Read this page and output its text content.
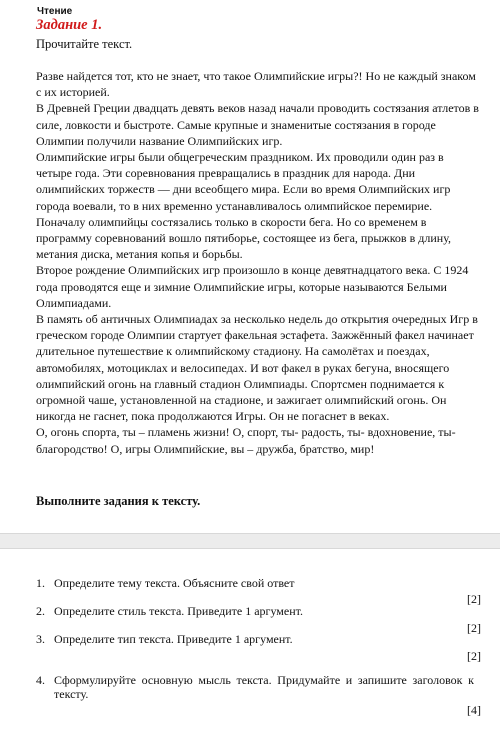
Чтение
Задание 1.
Прочитайте текст.

Разве найдется тот, кто не знает, что такое Олимпийские игры?! Но не каждый знаком с их историей.

В Древней Греции двадцать девять веков назад начали проводить состязания атлетов в силе, ловкости и быстроте. Самые крупные и знаменитые состязания в городе Олимпии получили название Олимпийских игр.

Олимпийские игры были общегреческим праздником. Их проводили один раз в четыре года. Эти соревнования превращались в праздник для народа. Дни олимпийских торжеств — дни всеобщего мира. Если во время Олимпийских игр города воевали, то в них временно устанавливалось олимпийское перемирие. Поначалу олимпийцы состязались только в скорости бега. Но со временем в программу соревнований вошло пятиборье, состоящее из бега, прыжков в длину, метания диска, метания копья и борьбы.

Второе рождение Олимпийских игр произошло в конце девятнадцатого века. С 1924 года проводятся еще и зимние Олимпийские игры, которые называются Белыми Олимпиадами.

В память об античных Олимпиадах за несколько недель до открытия очередных Игр в греческом городе Олимпии стартует факельная эстафета. Зажжённый факел начинает длительное путешествие к олимпийскому стадиону. На самолётах и поездах, автомобилях, мотоциклах и велосипедах. И вот факел в руках бегуна, вносящего олимпийский огонь на главный стадион Олимпиады. Спортсмен поднимается к огромной чаше, установленной на стадионе, и зажигает олимпийский огонь. Он никогда не гаснет, пока продолжаются Игры. Он не погаснет в веках.

О, огонь спорта, ты – пламень жизни! О, спорт, ты- радость, ты- вдохновение, ты-благородство! О, игры Олимпийские, вы – дружба, братство, мир!

Выполните задания к тексту.
1. Определите тему текста. Объясните свой ответ
[2]
2. Определите стиль текста. Приведите 1 аргумент.
[2]
3. Определите тип текста. Приведите 1 аргумент.
[2]
4. Сформулируйте основную мысль текста. Придумайте и запишите заголовок к тексту.
[4]
